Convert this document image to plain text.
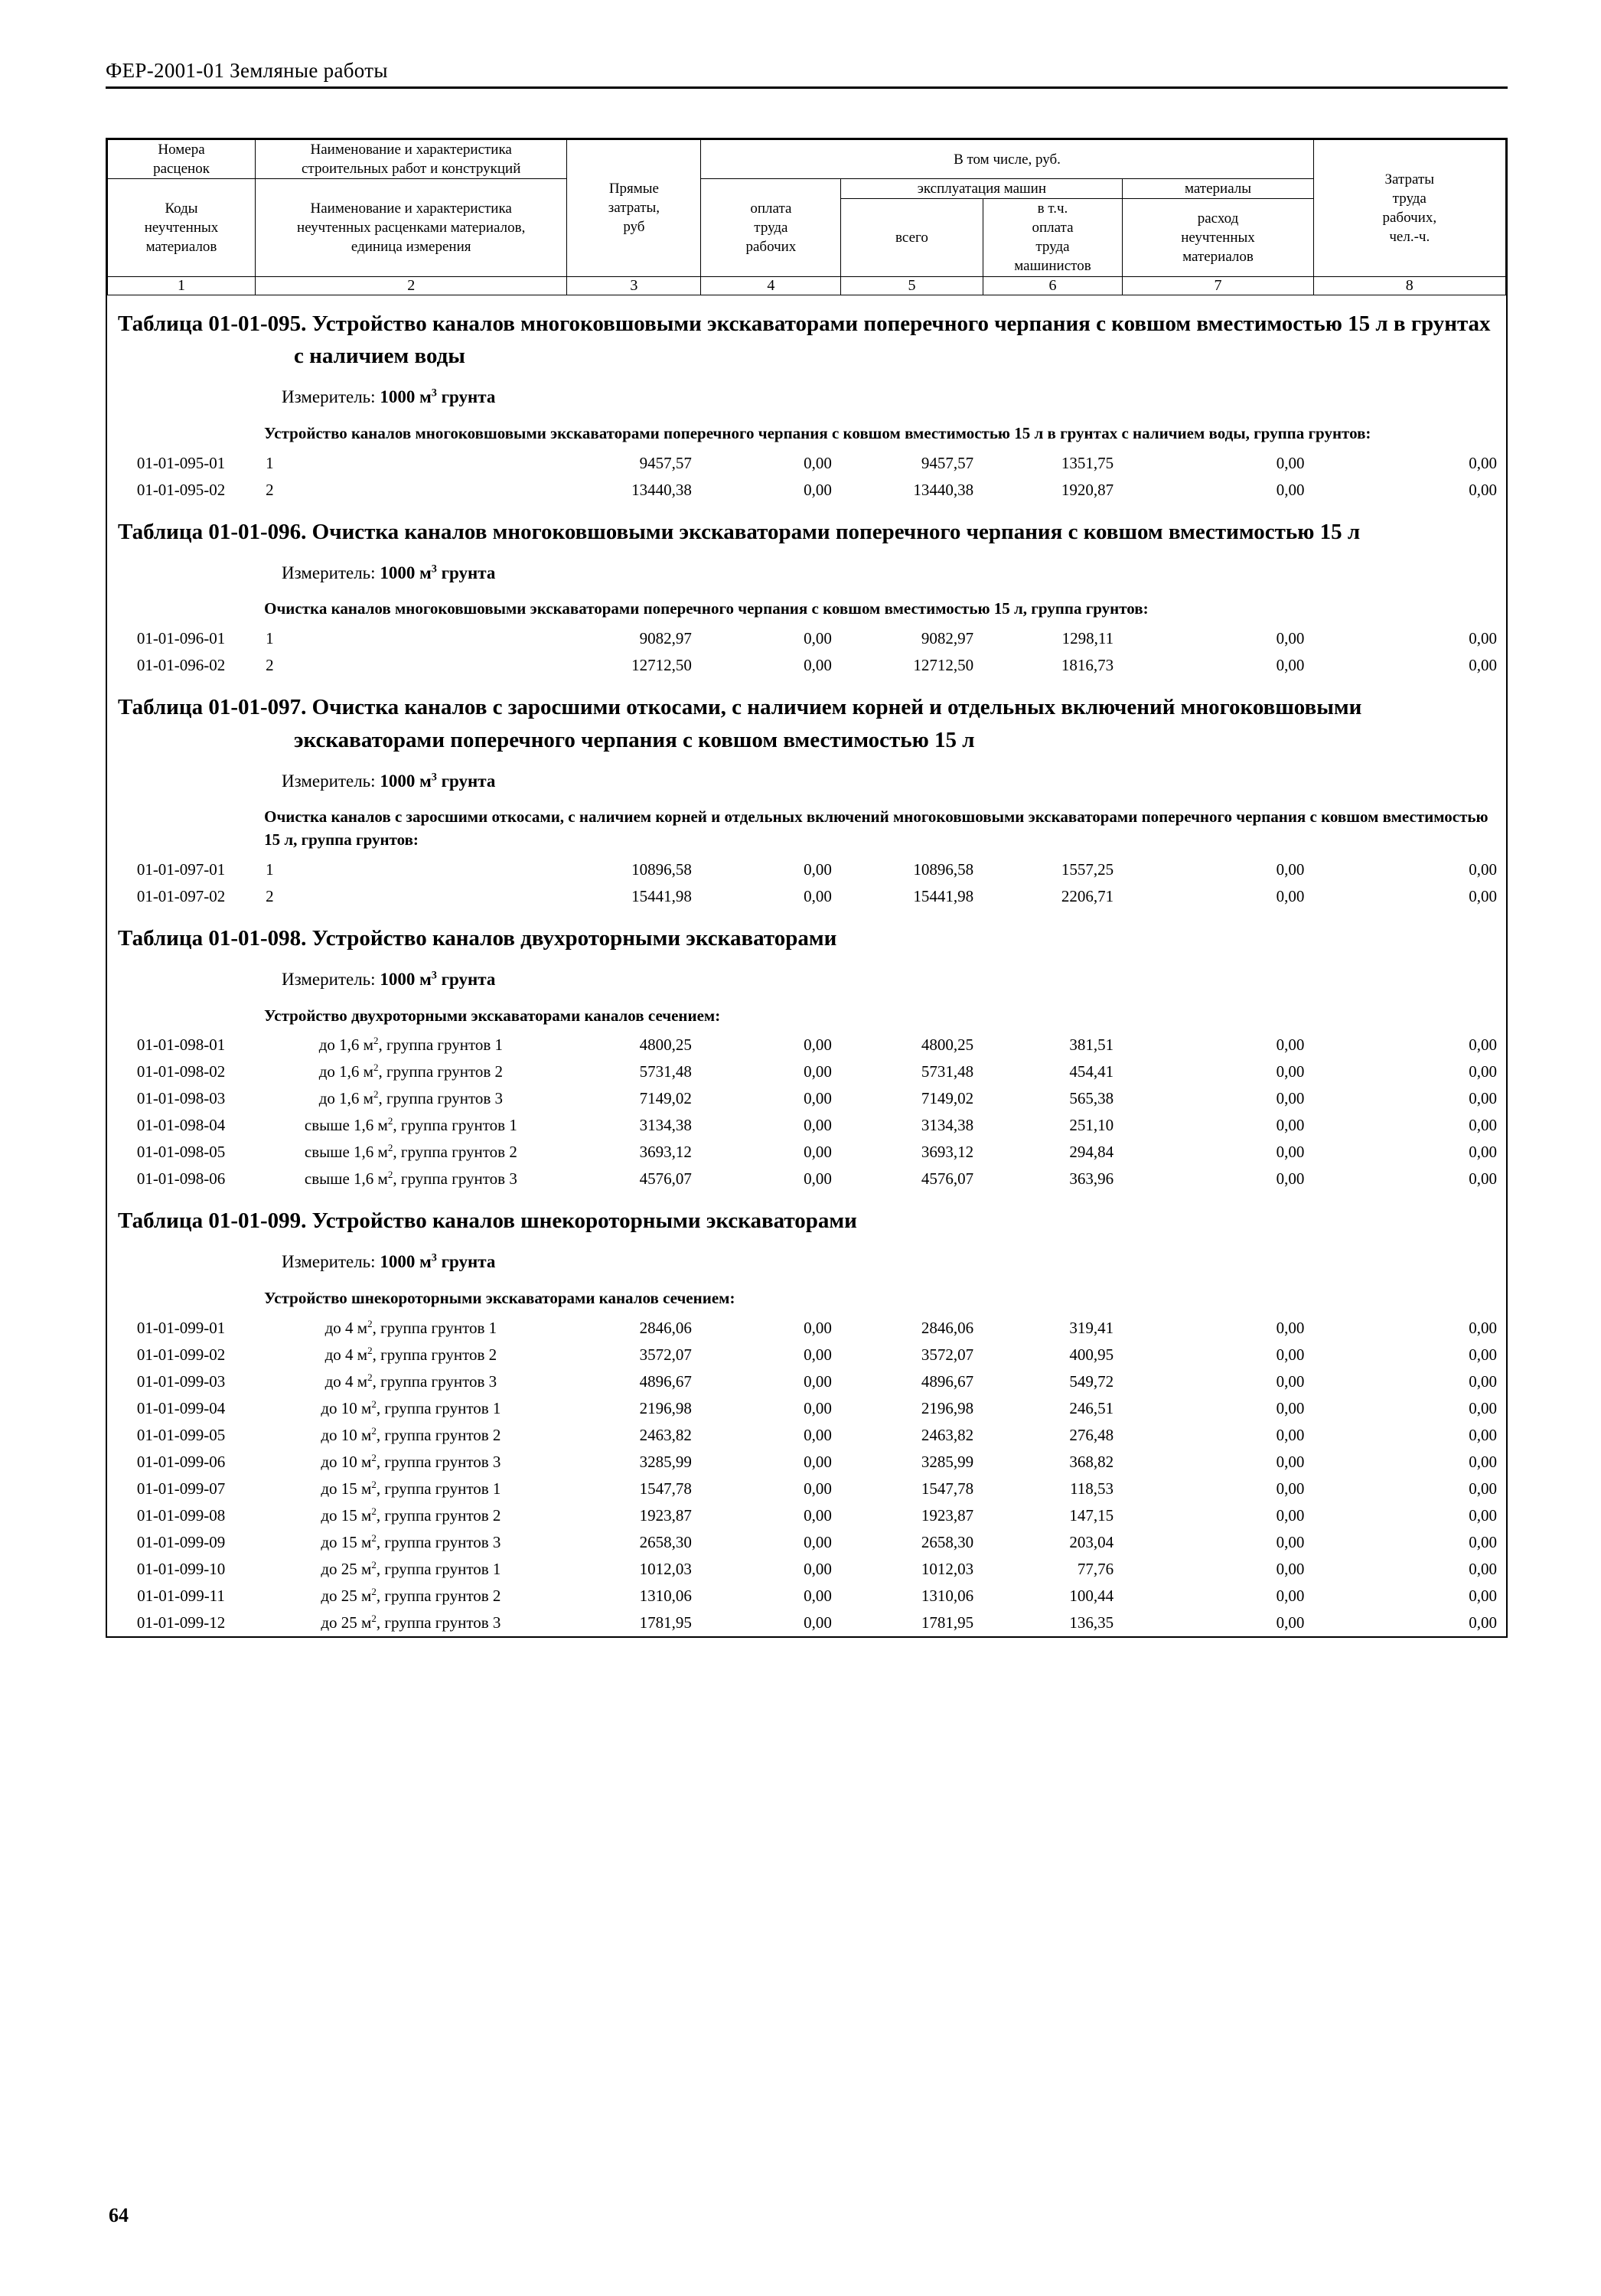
ФЕР-2001-01 Земляные работы
Номера
расценок	Наименование и характеристика
строительных работ и конструкций	Прямые
затраты,
руб	В том числе, руб.				Затраты
труда
рабочих,
чел.-ч.
Коды
неучтенных
материалов	Наименование и характеристика
неучтенных расценками материалов,
единица измерения		оплата
труда
рабочих	эксплуатация машин		материалы	
				всего	в т.ч.
оплата
труда
машинистов	расход
неучтенных
материалов	
1	2	3	4	5	6	7	8
Таблица 01-01-095. Устройство каналов многоковшовыми экскаваторами поперечного черпания с ковшом вместимостью 15 л в грунтах с наличием воды							

Измеритель: 1000 $м^3$ грунта							

	Устройство каналов многоковшовыми экскаваторами поперечного черпания с ковшом вместимостью 15 л в грунтах с наличием воды, группа грунтов:						
01-01-095-01	1	9457,57	0,00	9457,57	1351,75	0,00	0,00
01-01-095-02	2	13440,38	0,00	13440,38	1920,87	0,00	0,00
Таблица 01-01-096. Очистка каналов многоковшовыми экскаваторами поперечного черпания с ковшом вместимостью 15 л							

Измеритель: 1000 $м^3$ грунта							

	Очистка каналов многоковшовыми экскаваторами поперечного черпания с ковшом вместимостью 15 л, группа грунтов:						
01-01-096-01	1	9082,97	0,00	9082,97	1298,11	0,00	0,00
01-01-096-02	2	12712,50	0,00	12712,50	1816,73	0,00	0,00
Таблица 01-01-097. Очистка каналов с заросшими откосами, с наличием корней и отдельных включений многоковшовыми экскаваторами поперечного черпания с ковшом вместимостью 15 л							

Измеритель: 1000 $м^3$ грунта							

	Очистка каналов с заросшими откосами, с наличием корней и отдельных включений многоковшовыми экскаваторами поперечного черпания с ковшом вместимостью 15 л, группа грунтов:						
01-01-097-01	1	10896,58	0,00	10896,58	1557,25	0,00	0,00
01-01-097-02	2	15441,98	0,00	15441,98	2206,71	0,00	0,00
Таблица 01-01-098. Устройство каналов двухроторными экскаваторами							

Измеритель: 1000 $м^3$ грунта							

	Устройство двухроторными экскаваторами каналов сечением:						
01-01-098-01	до 1,6 $м^2$, группа грунтов 1	4800,25	0,00	4800,25	381,51	0,00	0,00
01-01-098-02	до 1,6 $м^2$, группа грунтов 2	5731,48	0,00	5731,48	454,41	0,00	0,00
01-01-098-03	до 1,6 $м^2$, группа грунтов 3	7149,02	0,00	7149,02	565,38	0,00	0,00
01-01-098-04	свыше 1,6 $м^2$, группа грунтов 1	3134,38	0,00	3134,38	251,10	0,00	0,00
01-01-098-05	свыше 1,6 $м^2$, группа грунтов 2	3693,12	0,00	3693,12	294,84	0,00	0,00
01-01-098-06	свыше 1,6 $м^2$, группа грунтов 3	4576,07	0,00	4576,07	363,96	0,00	0,00
Таблица 01-01-099. Устройство каналов шнекороторными экскаваторами							

Измеритель: 1000 $м^3$ грунта							

	Устройство шнекороторными экскаваторами каналов сечением:						
01-01-099-01	до 4 $м^2$, группа грунтов 1	2846,06	0,00	2846,06	319,41	0,00	0,00
01-01-099-02	до 4 $м^2$, группа грунтов 2	3572,07	0,00	3572,07	400,95	0,00	0,00
01-01-099-03	до 4 $м^2$, группа грунтов 3	4896,67	0,00	4896,67	549,72	0,00	0,00
01-01-099-04	до 10 $м^2$, группа грунтов 1	2196,98	0,00	2196,98	246,51	0,00	0,00
01-01-099-05	до 10 $м^2$, группа грунтов 2	2463,82	0,00	2463,82	276,48	0,00	0,00
01-01-099-06	до 10 $м^2$, группа грунтов 3	3285,99	0,00	3285,99	368,82	0,00	0,00
01-01-099-07	до 15 $м^2$, группа грунтов 1	1547,78	0,00	1547,78	118,53	0,00	0,00
01-01-099-08	до 15 $м^2$, группа грунтов 2	1923,87	0,00	1923,87	147,15	0,00	0,00
01-01-099-09	до 15 $м^2$, группа грунтов 3	2658,30	0,00	2658,30	203,04	0,00	0,00
01-01-099-10	до 25 $м^2$, группа грунтов 1	1012,03	0,00	1012,03	77,76	0,00	0,00
01-01-099-11	до 25 $м^2$, группа грунтов 2	1310,06	0,00	1310,06	100,44	0,00	0,00
01-01-099-12	до 25 $м^2$, группа грунтов 3	1781,95	0,00	1781,95	136,35	0,00	0,00
64
